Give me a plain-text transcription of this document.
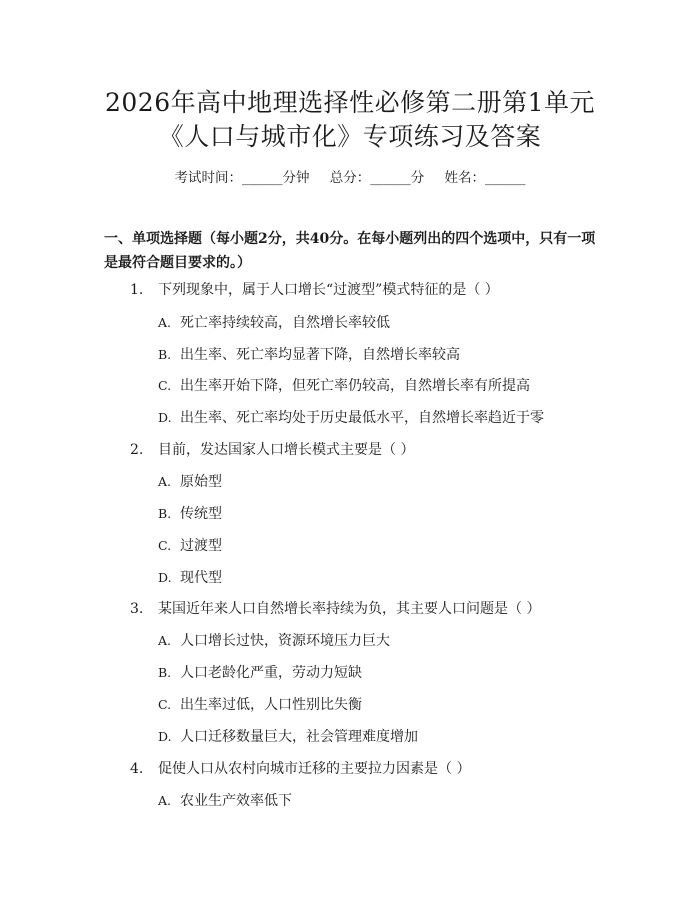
2026年高中地理选择性必修第二册第1单元
《人口与城市化》专项练习及答案
考试时间：______分钟 总分：______分 姓名：______
一、单项选择题（每小题2分，共40分。在每小题列出的四个选项中，只有一项
是最符合题目要求的。）
1. 下列现象中，属于人口增长“过渡型”模式特征的是（ ）
A. 死亡率持续较高，自然增长率较低
B. 出生率、死亡率均显著下降，自然增长率较高
C. 出生率开始下降，但死亡率仍较高，自然增长率有所提高
D. 出生率、死亡率均处于历史最低水平，自然增长率趋近于零
2. 目前，发达国家人口增长模式主要是（ ）
A. 原始型
B. 传统型
C. 过渡型
D. 现代型
3. 某国近年来人口自然增长率持续为负，其主要人口问题是（ ）
A. 人口增长过快，资源环境压力巨大
B. 人口老龄化严重，劳动力短缺
C. 出生率过低，人口性别比失衡
D. 人口迁移数量巨大，社会管理难度增加
4. 促使人口从农村向城市迁移的主要拉力因素是（ ）
A. 农业生产效率低下
